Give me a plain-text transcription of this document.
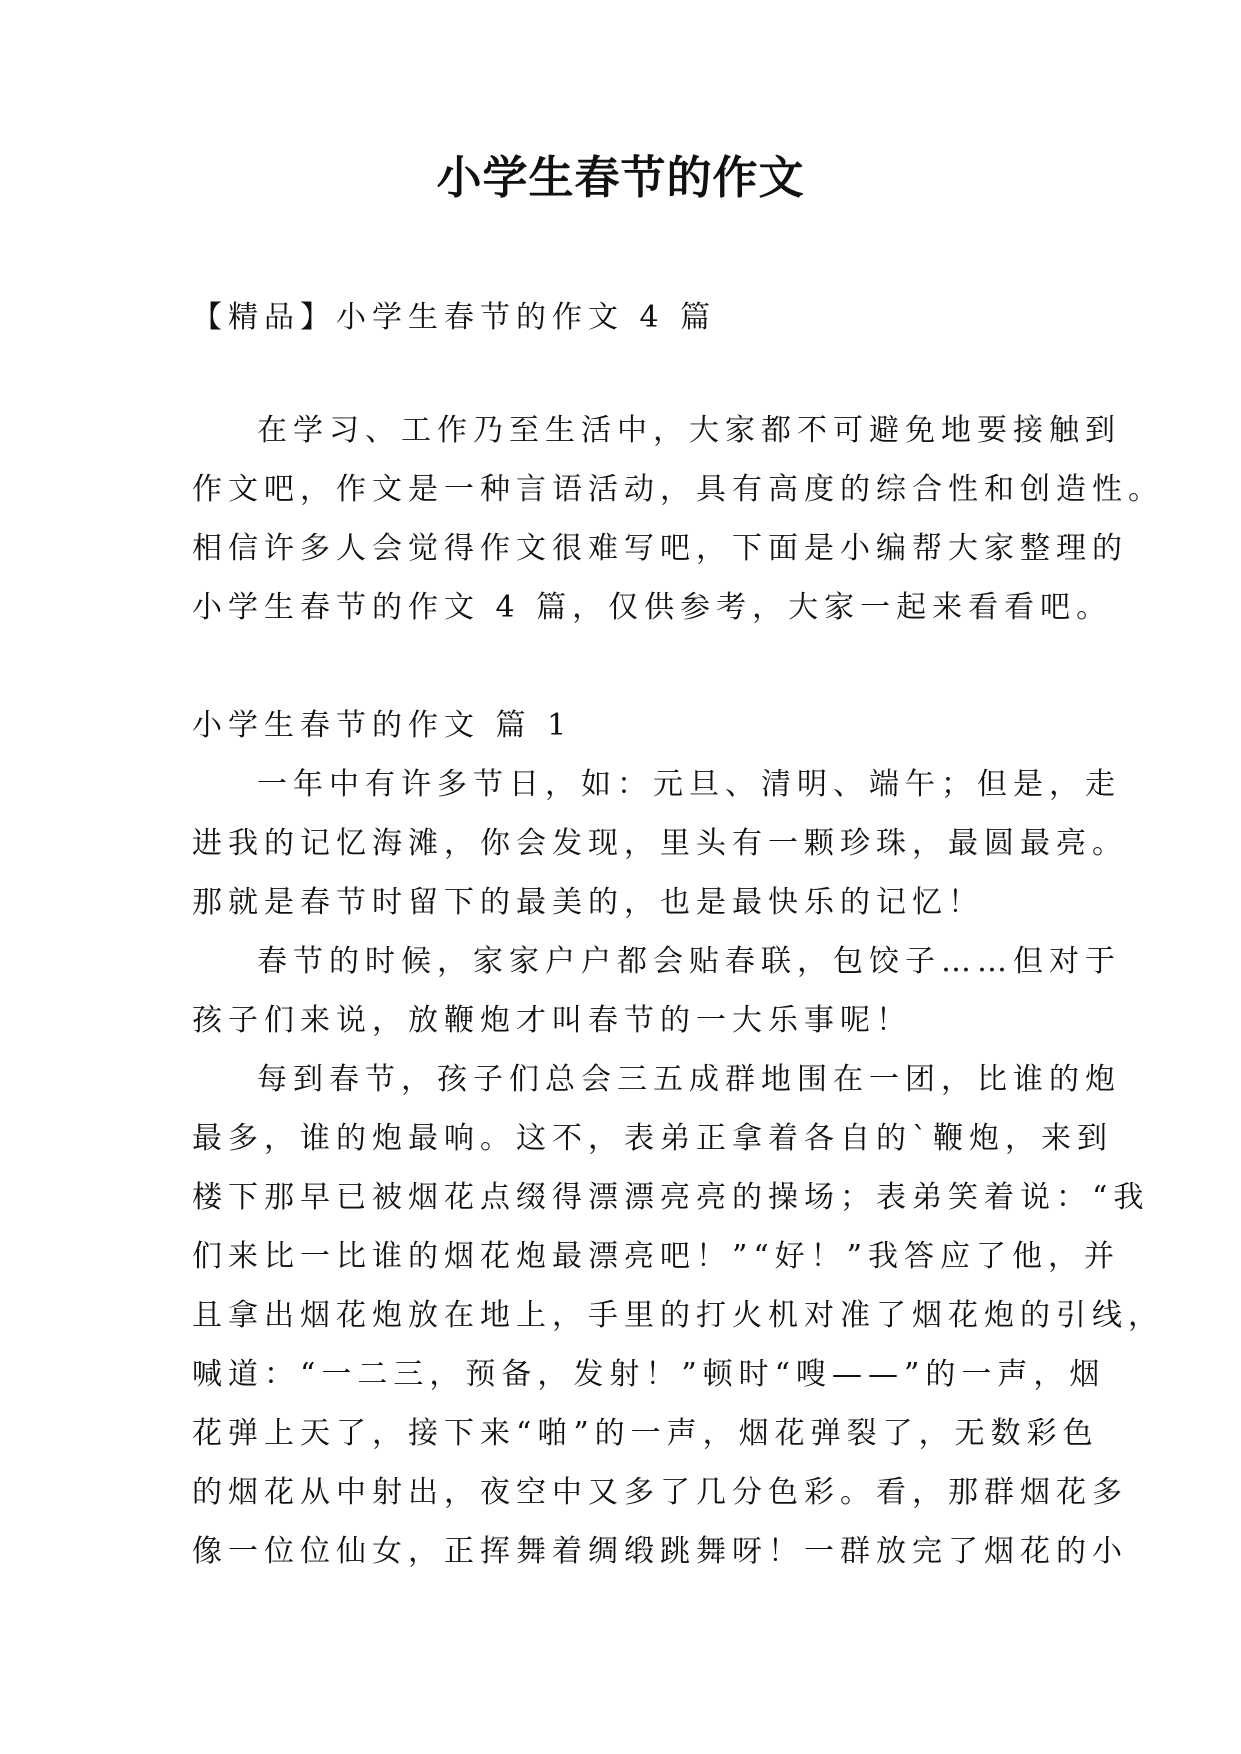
小学生春节的作文
【精品】小学生春节的作文 4 篇
在学习、工作乃至生活中，大家都不可避免地要接触到
作文吧，作文是一种言语活动，具有高度的综合性和创造性。
相信许多人会觉得作文很难写吧，下面是小编帮大家整理的
小学生春节的作文 4 篇，仅供参考，大家一起来看看吧。
小学生春节的作文 篇 1
一年中有许多节日，如：元旦、清明、端午；但是，走
进我的记忆海滩，你会发现，里头有一颗珍珠，最圆最亮。
那就是春节时留下的最美的，也是最快乐的记忆！
春节的时候，家家户户都会贴春联，包饺子……但对于
孩子们来说，放鞭炮才叫春节的一大乐事呢！
每到春节，孩子们总会三五成群地围在一团，比谁的炮
最多，谁的炮最响。这不，表弟正拿着各自的`鞭炮，来到
楼下那早已被烟花点缀得漂漂亮亮的操场；表弟笑着说：“我
们来比一比谁的烟花炮最漂亮吧！”“好！”我答应了他，并
且拿出烟花炮放在地上，手里的打火机对准了烟花炮的引线，
喊道：“一二三，预备，发射！”顿时“嗖——”的一声，烟
花弹上天了，接下来“啪”的一声，烟花弹裂了，无数彩色
的烟花从中射出，夜空中又多了几分色彩。看，那群烟花多
像一位位仙女，正挥舞着绸缎跳舞呀！一群放完了烟花的小
